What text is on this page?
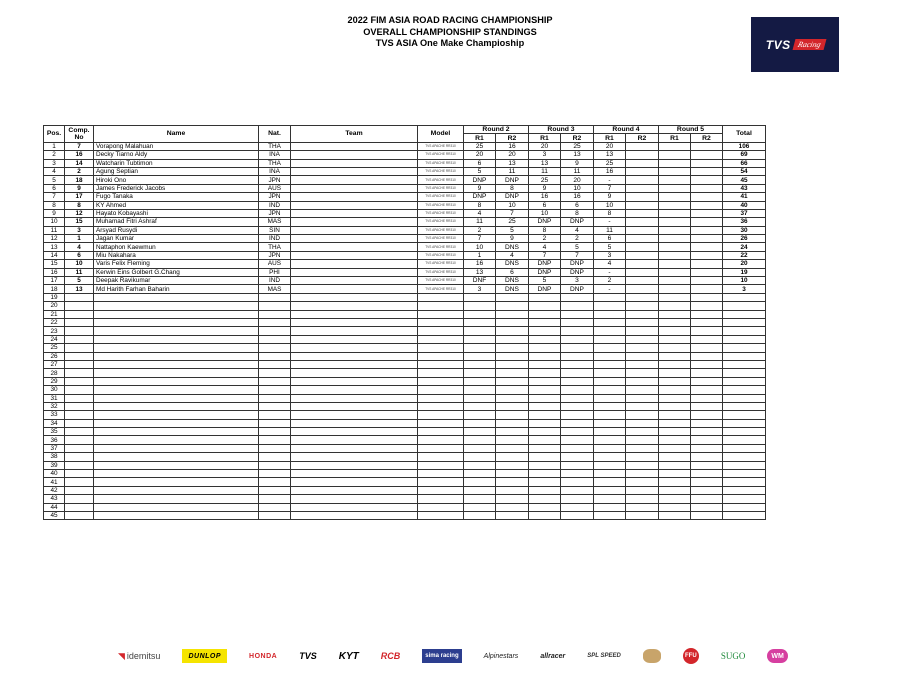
2022 FIM ASIA ROAD RACING CHAMPIONSHIP
OVERALL CHAMPIONSHIP STANDINGS
TVS ASIA One Make Champioship	TVS Racing
Pos.	Comp. No	Name	Nat.	Team	Model	Round 2		Round 3		Round 4		Round 5		Total
						R1	R2	R1	R2	R1	R2	R1	R2	
1	7	Vorapong Malahuan	THA		TVS APACHE RR310	25	16	20	25	20				106
2	16	Decky Tiarno Aldy	INA		TVS APACHE RR310	20	20	3	13	13				69
3	14	Watcharin Tubtimon	THA		TVS APACHE RR310	6	13	13	9	25				66
4	2	Agung Septian	INA		TVS APACHE RR310	5	11	11	11	16				54
5	18	Hiroki Ono	JPN		TVS APACHE RR310	DNP	DNP	25	20	-				45
6	9	James Frederick Jacobs	AUS		TVS APACHE RR310	9	8	9	10	7				43
7	17	Fugo Tanaka	JPN		TVS APACHE RR310	DNP	DNP	16	16	9				41
8	8	KY Ahmed	IND		TVS APACHE RR310	8	10	6	6	10				40
9	12	Hayato Kobayashi	JPN		TVS APACHE RR310	4	7	10	8	8				37
10	15	Muhamad Fitri Ashraf	MAS		TVS APACHE RR310	11	25	DNP	DNP	-				36
11	3	Arsyad Rusydi	SIN		TVS APACHE RR310	2	5	8	4	11				30
12	1	Jagan Kumar	IND		TVS APACHE RR310	7	9	2	2	6				26
13	4	Nattaphon Kaewmun	THA		TVS APACHE RR310	10	DNS	4	5	5				24
14	6	Miu Nakahara	JPN		TVS APACHE RR310	1	4	7	7	3				22
15	10	Varis Felix Fleming	AUS		TVS APACHE RR310	16	DNS	DNP	DNP	4				20
16	11	Kerwin Eins Golbert G.Chang	PHI		TVS APACHE RR310	13	6	DNP	DNP	-				19
17	5	Deepak Ravikumar	IND		TVS APACHE RR310	DNF	DNS	5	3	2				10
18	13	Md Harith Farhan Baharin	MAS		TVS APACHE RR310	3	DNS	DNP	DNP	-				3
19														
20														
21														
22														
23														
24														
25														
26														
27														
28														
29														
30														
31														
32														
33														
34														
35														
36														
37														
38														
39														
40														
41														
42														
43														
44														
45														
◥ idemitsu	DUNLOP	HONDA TVS KYT RCB	sima racing	Alpinestars	allracer	SPL SPEED	FFU	SUGO	WM
